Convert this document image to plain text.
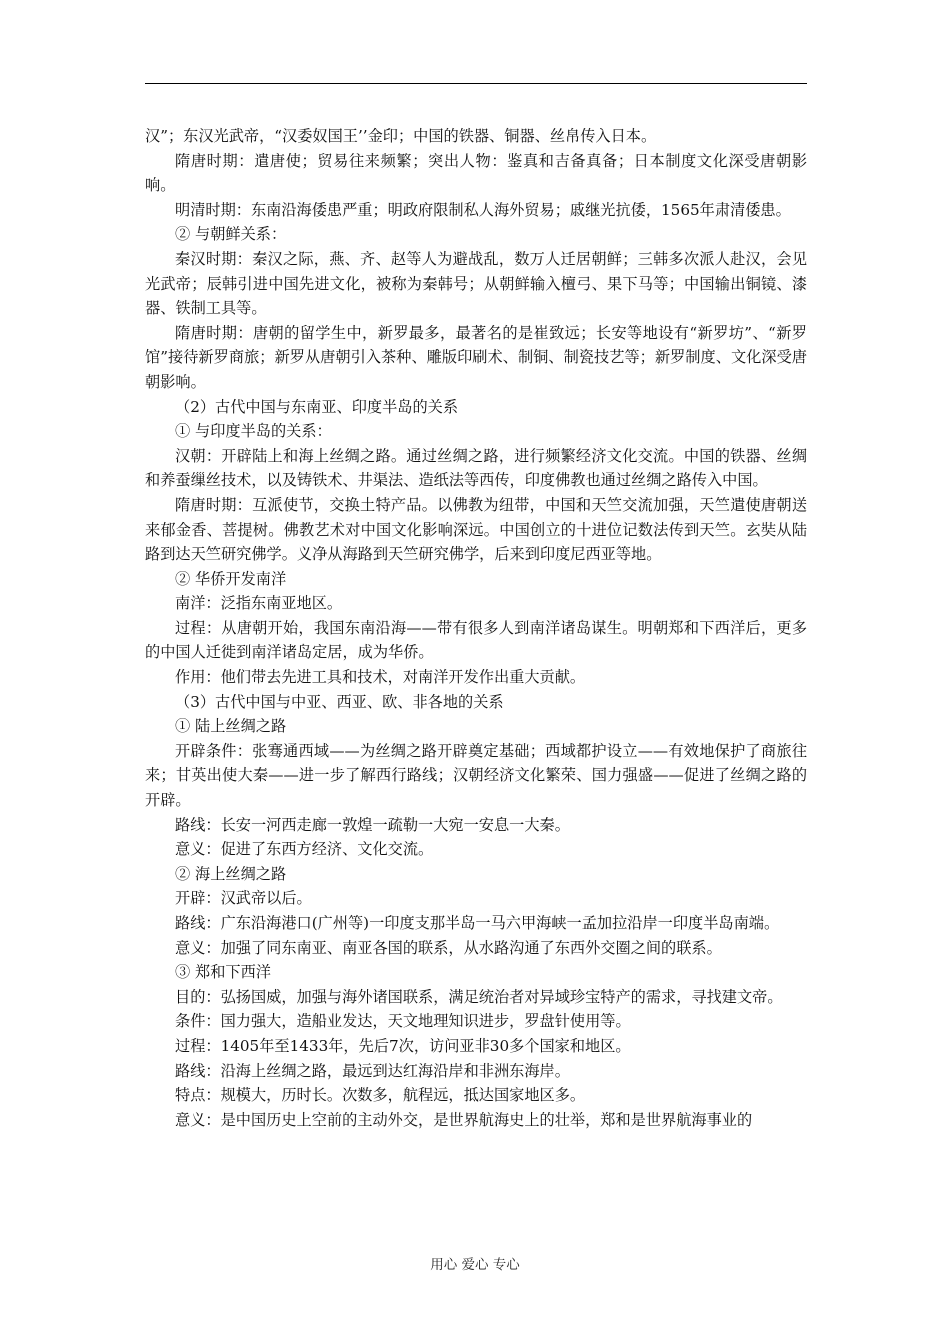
汉”；东汉光武帝，“汉委奴国王’’金印；中国的铁器、铜器、丝帛传入日本。

隋唐时期：遣唐使；贸易往来频繁；突出人物：鉴真和吉备真备；日本制度文化深受唐朝影响。

明清时期：东南沿海倭患严重；明政府限制私人海外贸易；戚继光抗倭，1565年肃清倭患。

② 与朝鲜关系：

秦汉时期：秦汉之际，燕、齐、赵等人为避战乱，数万人迁居朝鲜；三韩多次派人赴汉，会见光武帝；辰韩引进中国先进文化，被称为秦韩号；从朝鲜输入檀弓、果下马等；中国输出铜镜、漆器、铁制工具等。

隋唐时期：唐朝的留学生中，新罗最多，最著名的是崔致远；长安等地设有“新罗坊”、“新罗馆”接待新罗商旅；新罗从唐朝引入茶种、雕版印刷术、制铜、制瓷技艺等；新罗制度、文化深受唐朝影响。

（2）古代中国与东南亚、印度半岛的关系

① 与印度半岛的关系：

汉朝：开辟陆上和海上丝绸之路。通过丝绸之路，进行频繁经济文化交流。中国的铁器、丝绸和养蚕缫丝技术，以及铸铁术、井渠法、造纸法等西传，印度佛教也通过丝绸之路传入中国。

隋唐时期：互派使节，交换土特产品。以佛教为纽带，中国和天竺交流加强，天竺遣使唐朝送来郁金香、菩提树。佛教艺术对中国文化影响深远。中国创立的十进位记数法传到天竺。玄奘从陆路到达天竺研究佛学。义净从海路到天竺研究佛学，后来到印度尼西亚等地。

② 华侨开发南洋

南洋：泛指东南亚地区。

过程：从唐朝开始，我国东南沿海——带有很多人到南洋诸岛谋生。明朝郑和下西洋后，更多的中国人迁徙到南洋诸岛定居，成为华侨。

作用：他们带去先进工具和技术，对南洋开发作出重大贡献。

（3）古代中国与中亚、西亚、欧、非各地的关系

① 陆上丝绸之路

开辟条件：张骞通西域——为丝绸之路开辟奠定基础；西域都护设立——有效地保护了商旅往来；甘英出使大秦——进一步了解西行路线；汉朝经济文化繁荣、国力强盛——促进了丝绸之路的开辟。

路线：长安一河西走廊一敦煌一疏勒一大宛一安息一大秦。

意义：促进了东西方经济、文化交流。

② 海上丝绸之路

开辟：汉武帝以后。

路线：广东沿海港口(广州等)一印度支那半岛一马六甲海峡一孟加拉沿岸一印度半岛南端。

意义：加强了同东南亚、南亚各国的联系，从水路沟通了东西外交圈之间的联系。

③ 郑和下西洋

目的：弘扬国威，加强与海外诸国联系，满足统治者对异域珍宝特产的需求，寻找建文帝。

条件：国力强大，造船业发达，天文地理知识进步，罗盘针使用等。

过程：1405年至1433年，先后7次，访问亚非30多个国家和地区。

路线：沿海上丝绸之路，最远到达红海沿岸和非洲东海岸。

特点：规模大，历时长。次数多，航程远，抵达国家地区多。

意义：是中国历史上空前的主动外交，是世界航海史上的壮举，郑和是世界航海事业的

用心 爱心 专心
